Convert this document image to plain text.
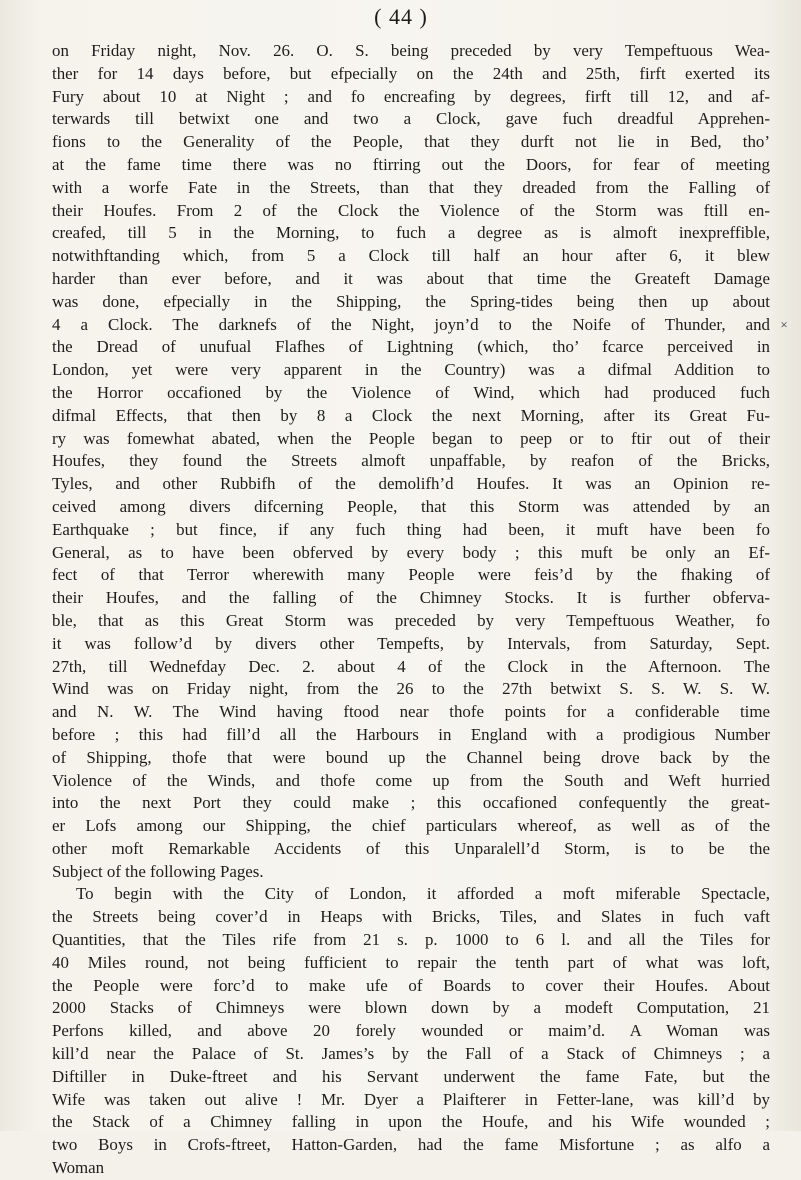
( 44 )
on Friday night, Nov. 26. O. S. being preceded by very Tempeftuous Wea-
ther for 14 days before, but efpecially on the 24th and 25th, firft exerted its
Fury about 10 at Night ; and fo encreafing by degrees, firft till 12, and af-
terwards till betwixt one and two a Clock, gave fuch dreadful Apprehen-
fions to the Generality of the People, that they durft not lie in Bed, tho’
at the fame time there was no ftirring out the Doors, for fear of meeting
with a worfe Fate in the Streets, than that they dreaded from the Falling of
their Houfes. From 2 of the Clock the Violence of the Storm was ftill en-
creafed, till 5 in the Morning, to fuch a degree as is almoft inexpreffible,
notwithftanding which, from 5 a Clock till half an hour after 6, it blew
harder than ever before, and it was about that time the Greateft Damage
was done, efpecially in the Shipping, the Spring-tides being then up about
4 a Clock. The darknefs of the Night, joyn’d to the Noife of Thunder, and
the Dread of unufual Flafhes of Lightning (which, tho’ fcarce perceived in
London, yet were very apparent in the Country) was a difmal Addition to
the Horror occafioned by the Violence of Wind, which had produced fuch
difmal Effects, that then by 8 a Clock the next Morning, after its Great Fu-
ry was fomewhat abated, when the People began to peep or to ftir out of their
Houfes, they found the Streets almoft unpaffable, by reafon of the Bricks,
Tyles, and other Rubbifh of the demolifh’d Houfes. It was an Opinion re-
ceived among divers difcerning People, that this Storm was attended by an
Earthquake ; but fince, if any fuch thing had been, it muft have been fo
General, as to have been obferved by every body ; this muft be only an Ef-
fect of that Terror wherewith many People were feis’d by the fhaking of
their Houfes, and the falling of the Chimney Stocks. It is further obferva-
ble, that as this Great Storm was preceded by very Tempeftuous Weather, fo
it was follow’d by divers other Tempefts, by Intervals, from Saturday, Sept.
27th, till Wednefday Dec. 2. about 4 of the Clock in the Afternoon. The
Wind was on Friday night, from the 26 to the 27th betwixt S. S. W. S. W.
and N. W. The Wind having ftood near thofe points for a confiderable time
before ; this had fill’d all the Harbours in England with a prodigious Number
of Shipping, thofe that were bound up the Channel being drove back by the
Violence of the Winds, and thofe come up from the South and Weft hurried
into the next Port they could make ; this occafioned confequently the great-
er Lofs among our Shipping, the chief particulars whereof, as well as of the
other moft Remarkable Accidents of this Unparalell’d Storm, is to be the
Subject of the following Pages.
To begin with the City of London, it afforded a moft miferable Spectacle,
the Streets being cover’d in Heaps with Bricks, Tiles, and Slates in fuch vaft
Quantities, that the Tiles rife from 21 s. p. 1000 to 6 l. and all the Tiles for
40 Miles round, not being fufficient to repair the tenth part of what was loft,
the People were forc’d to make ufe of Boards to cover their Houfes. About
2000 Stacks of Chimneys were blown down by a modeft Computation, 21
Perfons killed, and above 20 forely wounded or maim’d. A Woman was
kill’d near the Palace of St. James’s by the Fall of a Stack of Chimneys ; a
Diftiller in Duke-ftreet and his Servant underwent the fame Fate, but the
Wife was taken out alive ! Mr. Dyer a Plaifterer in Fetter-lane, was kill’d by
the Stack of a Chimney falling in upon the Houfe, and his Wife wounded ;
two Boys in Crofs-ftreet, Hatton-Garden, had the fame Misfortune ; as alfo a
Woman
˟
